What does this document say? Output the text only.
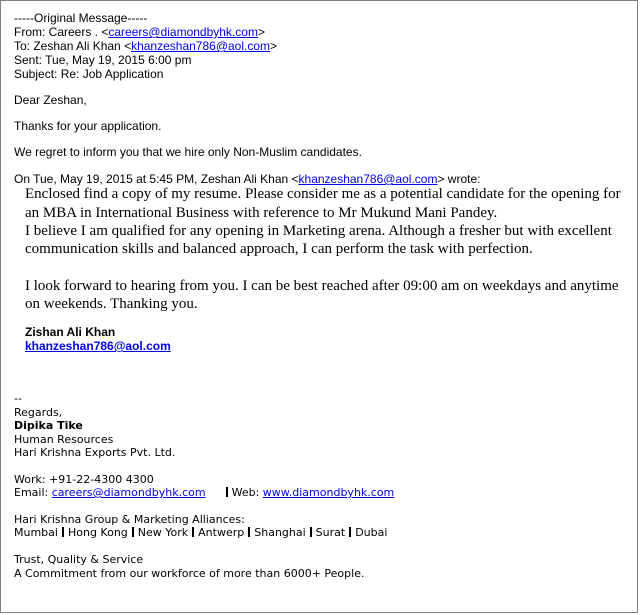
-----Original Message-----
From: Careers . <careers@diamondbyhk.com>
To: Zeshan Ali Khan <khanzeshan786@aol.com>
Sent: Tue, May 19, 2015 6:00 pm
Subject: Re: Job Application
Dear Zeshan,
Thanks for your application.
We regret to inform you that we hire only Non-Muslim candidates.
On Tue, May 19, 2015 at 5:45 PM, Zeshan Ali Khan <khanzeshan786@aol.com> wrote:
Enclosed find a copy of my resume. Please consider me as a potential candidate for the opening for
an MBA in International Business with reference to Mr Mukund Mani Pandey.
I believe I am qualified for any opening in Marketing arena. Although a fresher but with excellent
communication skills and balanced approach, I can perform the task with perfection.
I look forward to hearing from you. I can be best reached after 09:00 am on weekdays and anytime
on weekends. Thanking you.
Zishan Ali Khan
khanzeshan786@aol.com
--
Regards,
Dipika Tike
Human Resources
Hari Krishna Exports Pvt. Ltd.
Work: +91-22-4300 4300
Email: careers@diamondbyhk.com Web: www.diamondbyhk.com
Hari Krishna Group & Marketing Alliances:
Mumbai Hong Kong New York Antwerp Shanghai Surat Dubai
Trust, Quality & Service
A Commitment from our workforce of more than 6000+ People.
